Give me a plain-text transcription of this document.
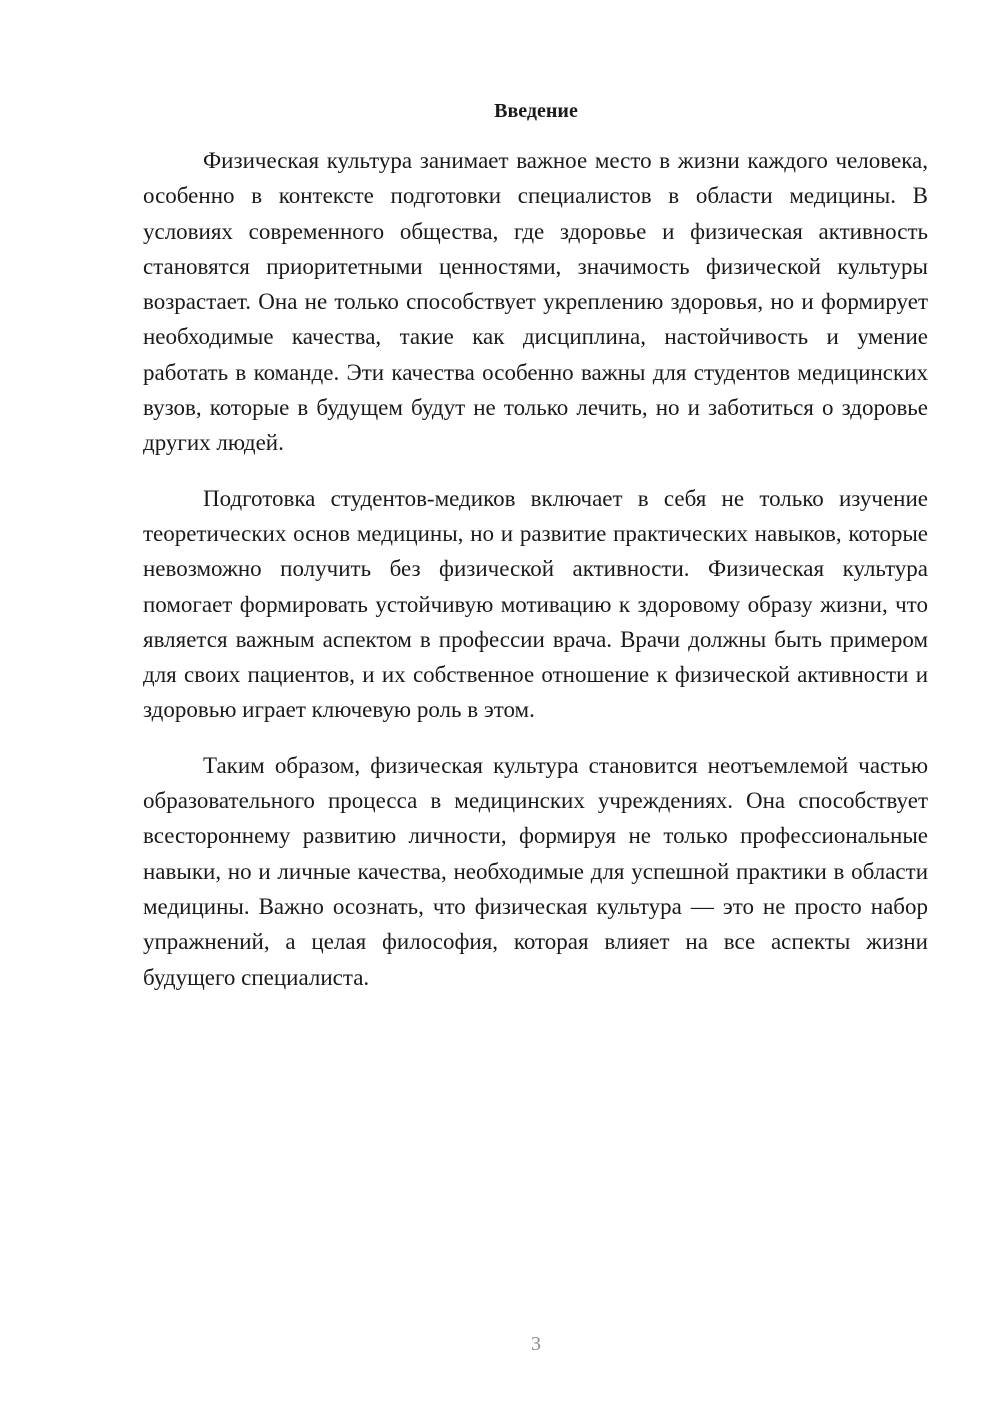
Введение

Физическая культура занимает важное место в жизни каждого человека, особенно в контексте подготовки специалистов в области медицины. В условиях современного общества, где здоровье и физическая активность становятся приоритетными ценностями, значимость физической культуры возрастает. Она не только способствует укреплению здоровья, но и формирует необходимые качества, такие как дисциплина, настойчивость и умение работать в команде. Эти качества особенно важны для студентов медицинских вузов, которые в будущем будут не только лечить, но и заботиться о здоровье других людей.

Подготовка студентов-медиков включает в себя не только изучение теоретических основ медицины, но и развитие практических навыков, которые невозможно получить без физической активности. Физическая культура помогает формировать устойчивую мотивацию к здоровому образу жизни, что является важным аспектом в профессии врача. Врачи должны быть примером для своих пациентов, и их собственное отношение к физической активности и здоровью играет ключевую роль в этом.

Таким образом, физическая культура становится неотъемлемой частью образовательного процесса в медицинских учреждениях. Она способствует всестороннему развитию личности, формируя не только профессиональные навыки, но и личные качества, необходимые для успешной практики в области медицины. Важно осознать, что физическая культура — это не просто набор упражнений, а целая философия, которая влияет на все аспекты жизни будущего специалиста.

3
